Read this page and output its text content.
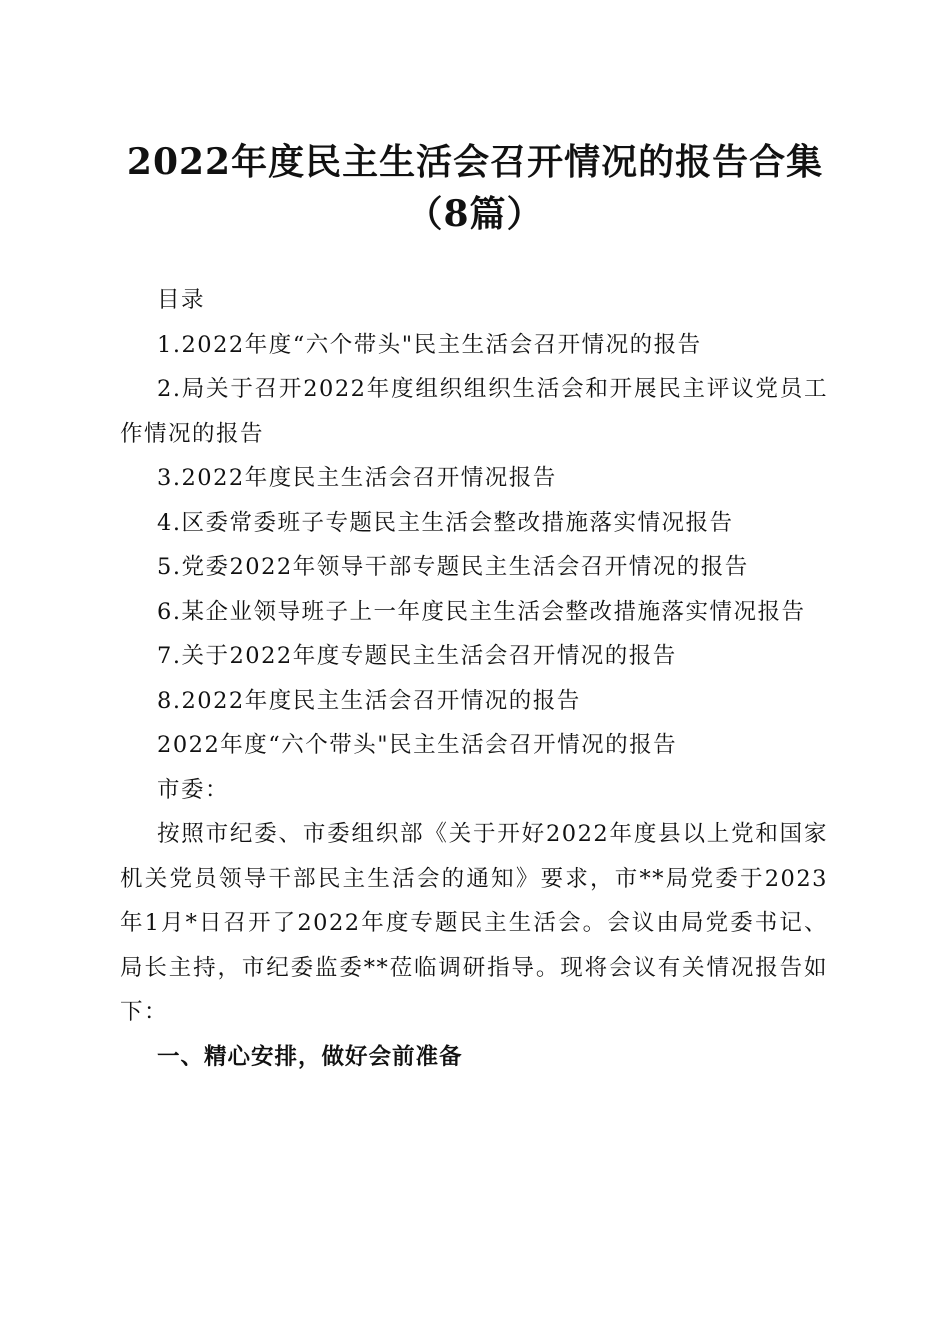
2022年度民主生活会召开情况的报告合集（8篇）

目录

1.2022年度“六个带头"民主生活会召开情况的报告

2.局关于召开2022年度组织组织生活会和开展民主评议党员工作情况的报告

3.2022年度民主生活会召开情况报告

4.区委常委班子专题民主生活会整改措施落实情况报告

5.党委2022年领导干部专题民主生活会召开情况的报告

6.某企业领导班子上一年度民主生活会整改措施落实情况报告

7.关于2022年度专题民主生活会召开情况的报告

8.2022年度民主生活会召开情况的报告

2022年度“六个带头"民主生活会召开情况的报告

市委：

按照市纪委、市委组织部《关于开好2022年度县以上党和国家机关党员领导干部民主生活会的通知》要求，市**局党委于2023年1月*日召开了2022年度专题民主生活会。会议由局党委书记、局长主持，市纪委监委**莅临调研指导。现将会议有关情况报告如下：

一、精心安排，做好会前准备
